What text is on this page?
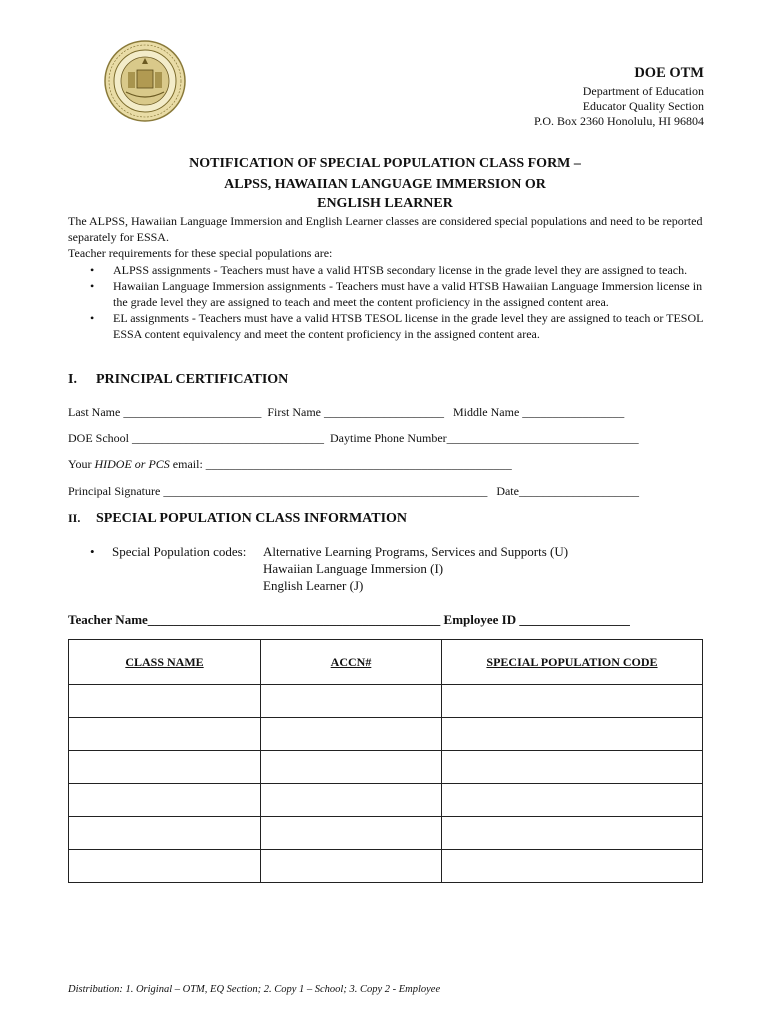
DOE OTM
Department of Education
Educator Quality Section
P.O. Box 2360 Honolulu, HI 96804
NOTIFICATION OF SPECIAL POPULATION CLASS FORM –
ALPSS, HAWAIIAN LANGUAGE IMMERSION OR
ENGLISH LEARNER
The ALPSS, Hawaiian Language Immersion and English Learner classes are considered special populations and need to be reported separately for ESSA.
Teacher requirements for these special populations are:
•	ALPSS assignments - Teachers must have a valid HTSB secondary license in the grade level they are assigned to teach.
•	Hawaiian Language Immersion assignments - Teachers must have a valid HTSB Hawaiian Language Immersion license in the grade level they are assigned to teach and meet the content proficiency in the assigned content area.
•	EL assignments - Teachers must have a valid HTSB TESOL license in the grade level they are assigned to teach or TESOL ESSA content equivalency and meet the content proficiency in the assigned content area.
I. PRINCIPAL CERTIFICATION
Last Name _______________________  First Name ____________________   Middle Name _________________
DOE School ________________________________  Daytime Phone Number________________________________
Your HIDOE or PCS email: ___________________________________________________
Principal Signature ______________________________________________________   Date____________________
II. SPECIAL POPULATION CLASS INFORMATION
• Special Population codes: Alternative Learning Programs, Services and Supports (U)
Hawaiian Language Immersion (I)
English Learner (J)
Teacher Name_____________________________________________ Employee ID _________________
CLASS NAME	ACCN#	SPECIAL POPULATION CODE

Distribution: 1. Original – OTM, EQ Section; 2. Copy 1 – School; 3. Copy 2 - Employee
